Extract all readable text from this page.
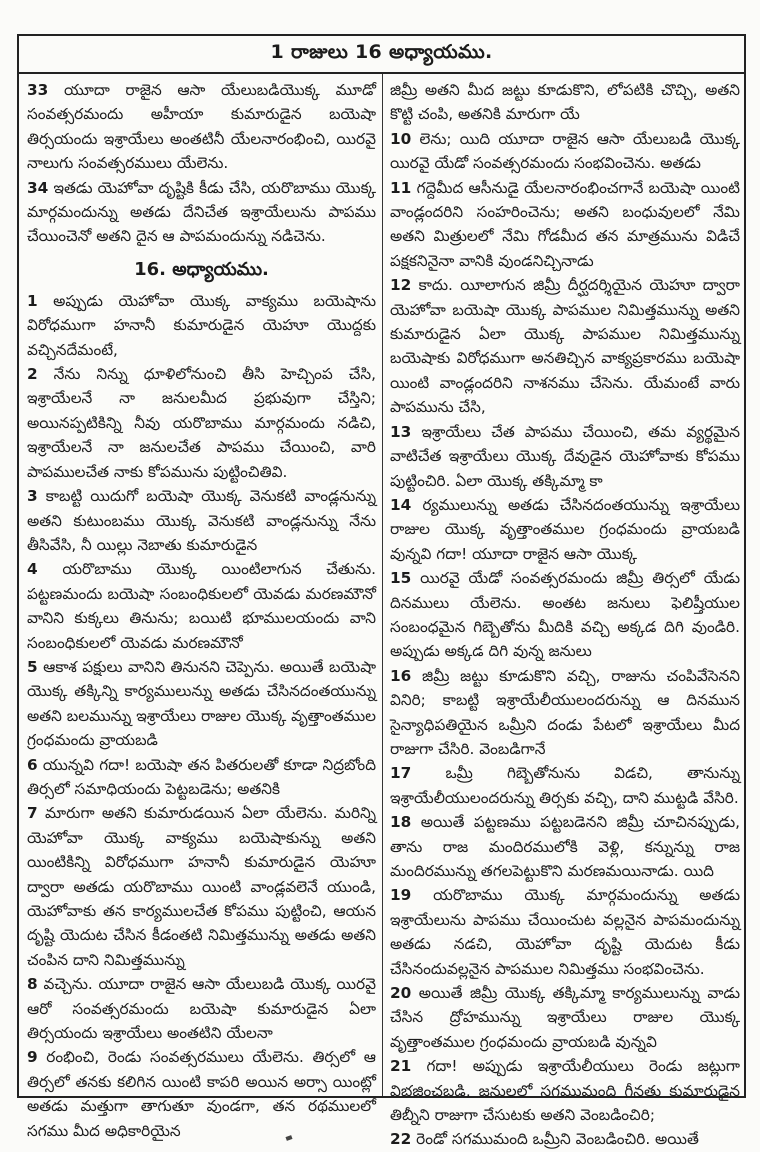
1 రాజులు 16 అధ్యాయము.

33 యూదా రాజైన ఆసా యేలుబడియొక్క మూడో సంవత్సరమందు అహీయా కుమారుడైన బయెషా తిర్సయందు ఇశ్రాయేలు అంతటినీ యేలనారంభించి, యిరవై నాలుగు సంవత్సరములు యేలెను.

34 ఇతడు యెహోవా దృష్టికి కీడు చేసి, యరొబాము యొక్క మార్గమందున్ను అతడు దేనిచేత ఇశ్రాయేలును పాపము చేయించెనో అతని దైన ఆ పాపమందున్ను నడిచెను.

16. అధ్యాయము.

1 అప్పుడు యెహోవా యొక్క వాక్యము బయెషాను విరోధముగా హనానీ కుమారుడైన యెహూ యొద్దకు వచ్చినదేమంటే,

2 నేను నిన్ను ధూళిలోనుంచి తీసి హెచ్చింప చేసి, ఇశ్రాయేలనే నా జనులమీద ప్రభువుగా చేస్తిని; అయినప్పటికిన్ని నీవు యరొబాము మార్గమందు నడిచి, ఇశ్రాయేలనే నా జనులచేత పాపము చేయించి, వారి పాపములచేత నాకు కోపమును పుట్టించితివి.

3 కాబట్టి యిదుగో బయెషా యొక్క వెనుకటి వాండ్లనున్ను అతని కుటుంబము యొక్క వెనుకటి వాండ్లనున్ను నేను తీసివేసి, నీ యిల్లు నెబాతు కుమారుడైన

4 యరొబాము యొక్క యింటిలాగున చేతును. పట్టణమందు బయెషా సంబంధికులలో యెవడు మరణమౌనో వానిని కుక్కలు తినును; బయిటి భూములయందు వాని సంబంధికులలో యెవడు మరణమౌనో

5 ఆకాశ పక్షులు వానిని తినునని చెప్పెను. అయితే బయెషా యొక్క తక్కిన్ని కార్యములున్ను అతడు చేసినదంతయున్ను అతని బలమున్ను ఇశ్రాయేలు రాజుల యొక్క వృత్తాంతముల గ్రంధమందు వ్రాయబడి

6 యున్నవి గదా! బయెషా తన పితరులతో కూడా నిద్రబోంది తిర్సలో సమాధియందు పెట్టబడెను; అతనికి

7 మారుగా అతని కుమారుడయిన ఏలా యేలెను. మరిన్ని యెహోవా యొక్క వాక్యము బయెషాకున్ను అతని యింటికిన్ని విరోధముగా హనానీ కుమారుడైన యెహూ ద్వారా అతడు యరొబాము యింటి వాండ్లవలెనే యుండి, యెహోవాకు తన కార్యములచేత కోపము పుట్టించి, ఆయన దృష్టి యెదుట చేసిన కీడంతటి నిమిత్తమున్ను అతడు అతని చంపిన దాని నిమిత్తమున్ను

8 వచ్చెను. యూదా రాజైన ఆసా యేలుబడి యొక్క యిరవై ఆరో సంవత్సరమందు బయెషా కుమారుడైన ఏలా తిర్సయందు ఇశ్రాయేలు అంతటిని యేలనా

9 రంభించి, రెండు సంవత్సరములు యేలెను. తిర్సలో ఆ తిర్సలో తనకు కలిగిన యింటి కాపరి అయిన అర్సా యింట్లో అతడు మత్తుగా తాగుతూ వుండగా, తన రథములలో సగము మీద అధికారియైన

జిమ్రీ అతని మీద జట్టు కూడుకొని, లోపటికి చొచ్చి, అతని కొట్టి చంపి, అతనికి మారుగా యే

10 లెను; యిది యూదా రాజైన ఆసా యేలుబడి యొక్క యిరవై యేడో సంవత్సరమందు సంభవించెను. అతడు

11 గద్దెమీద ఆసీనుడై యేలనారంభించగానే బయెషా యింటి వాండ్లందరిని సంహరించెను; అతని బంధువులలో నేమి అతని మిత్రులలో నేమి గోడమీద తన మాత్రమును విడిచే పక్షకనినైనా వానికి వుండనిచ్చినాడు

12 కాదు. యీలాగున జిమ్రీ దీర్ఘదర్శియైన యెహూ ద్వారా యెహోవా బయెషా యొక్క పాపముల నిమిత్తమున్ను అతని కుమారుడైన ఏలా యొక్క పాపముల నిమిత్తమున్ను బయెషాకు విరోధముగా అనతిచ్చిన వాక్యప్రకారము బయెషా యింటి వాండ్లందరిని నాశనము చేసెను. యేమంటే వారు పాపమును చేసి,

13 ఇశ్రాయేలు చేత పాపము చేయించి, తమ వ్యర్థమైన వాటిచేత ఇశ్రాయేలు యొక్క దేవుడైన యెహోవాకు కోపము పుట్టించిరి. ఏలా యొక్క తక్కిమ్మా కా

14 ర్యములున్ను అతడు చేసినదంతయున్ను ఇశ్రాయేలు రాజుల యొక్క వృత్తాంతముల గ్రంధమందు వ్రాయబడి వున్నవి గదా! యూదా రాజైన ఆసా యొక్క

15 యిరవై యేడో సంవత్సరమందు జిమ్రీ తిర్సలో యేడు దినములు యేలెను. అంతట జనులు ఫెలిష్తీయుల సంబంధమైన గిబ్బెతోను మీదికి వచ్చి అక్కడ దిగి వుండిరి. అప్పుడు అక్కడ దిగి వున్న జనులు

16 జిమ్రీ జట్టు కూడుకొని వచ్చి, రాజును చంపివేసెనని వినిరి; కాబట్టి ఇశ్రాయేలీయులందరున్ను ఆ దినమున సైన్యాధిపతియైన ఒమ్రీని దండు పేటలో ఇశ్రాయేలు మీద రాజుగా చేసిరి. వెంబడిగానే

17 ఒమ్రీ గిబ్బెతోనును విడచి, తానున్ను ఇశ్రాయేలీయులందరున్ను తిర్సకు వచ్చి, దాని ముట్టడి వేసిరి.

18 అయితే పట్టణము పట్టబడెనని జిమ్రీ చూచినప్పుడు, తాను రాజ మందిరములోకి వెళ్లి, కన్నున్ను రాజ మందిరమున్ను తగలపెట్టుకొని మరణమయినాడు. యిది

19 యరొబాము యొక్క మార్గమందున్ను అతడు ఇశ్రాయేలును పాపము చేయించుట వల్లనైన పాపమందున్ను అతడు నడచి, యెహోవా దృష్టి యెదుట కీడు చేసినందువల్లనైన పాపముల నిమిత్తము సంభవించెను.

20 అయితే జిమ్రీ యొక్క తక్కిమ్మా కార్యములున్ను వాడు చేసిన ద్రోహమున్ను ఇశ్రాయేలు రాజుల యొక్క వృత్తాంతముల గ్రంధమందు వ్రాయబడి వున్నవి

21 గదా! అప్పుడు ఇశ్రాయేలీయులు రెండు జట్లుగా విభజించబడి, జనులలో సగముమంది గీనతు కుమారుడైన తిబ్నీని రాజుగా చేసుటకు అతని వెంబడించిరి;

22 రెండో సగముమంది ఒమ్రీని వెంబడించిరి. అయితే
